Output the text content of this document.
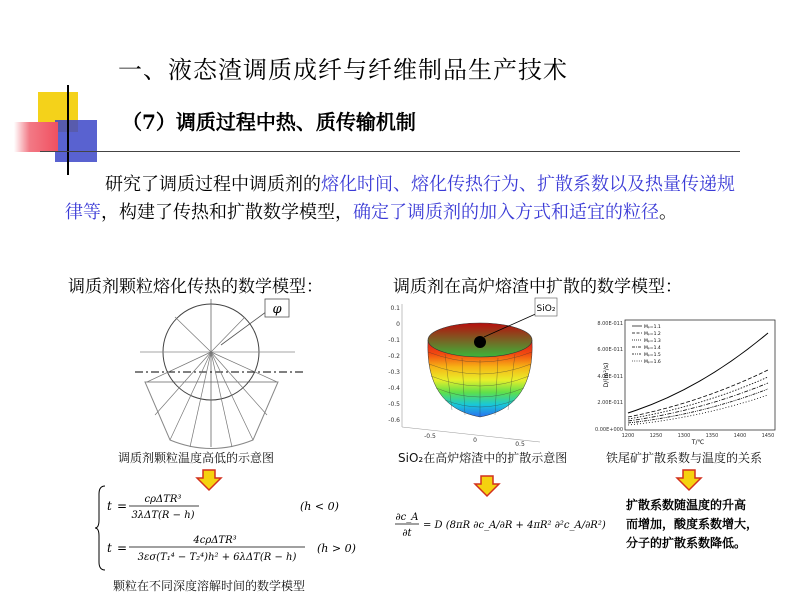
一、液态渣调质成纤与纤维制品生产技术
（7）调质过程中热、质传输机制
研究了调质过程中调质剂的熔化时间、熔化传热行为、扩散系数以及热量传递规律等，构建了传热和扩散数学模型，确定了调质剂的加入方式和适宜的粒径。
调质剂颗粒熔化传热的数学模型：	调质剂在高炉熔渣中扩散的数学模型：
φ
调质剂颗粒温度高低的示意图
SiO₂
0.1
0
-0.1
-0.2
-0.3
-0.4
-0.5
-0.6
-0.5
0
0.5
SiO₂在高炉熔渣中的扩散示意图
8.00E-011
6.00E-011
4.00E-011
2.00E-011
0.00E+000
1200	1250	1300	1350	1400	1450
T/℃
D/(m²/s)
Mₚ=1.1
Mₚ=1.2
Mₚ=1.3
Mₚ=1.4
Mₚ=1.5
Mₚ=1.6
铁尾矿扩散系数与温度的关系
t = cρΔTR³
3λΔT(R − h)
(h < 0)
t =
4cρΔTR³
3εσ(T₁⁴ − T₂⁴)h² + 6λΔT(R − h)
(h > 0)
颗粒在不同深度溶解时间的数学模型
∂c_A
∂t
= D (8πR ∂c_A/∂R + 4πR² ∂²c_A/∂R²)
扩散系数随温度的升高
而增加，酸度系数增大，
分子的扩散系数降低。
